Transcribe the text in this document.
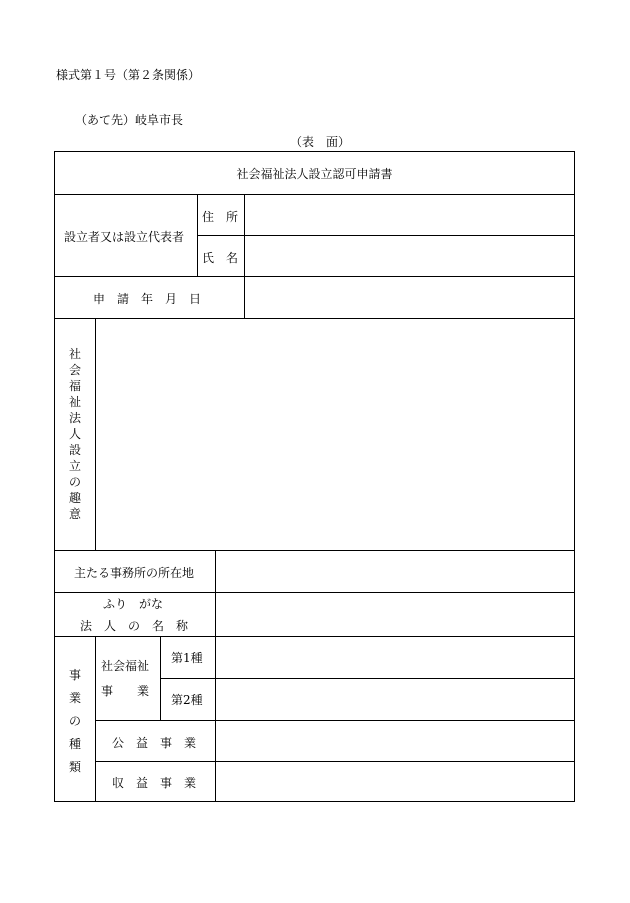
様式第１号（第２条関係）
（あて先）岐阜市長
（表　面）
社会福祉法人設立認可申請書
設立者又は設立代表者
住　所
氏　名
申　請　年　月　日
社
会
福
祉
法
人
設
立
の
趣
意
主たる事務所の所在地
ふり　がな
法　人　の　名　称
事
業
の
種
類
社会福祉
事　　業
第1種
第2種
公　益　事　業
収　益　事　業
